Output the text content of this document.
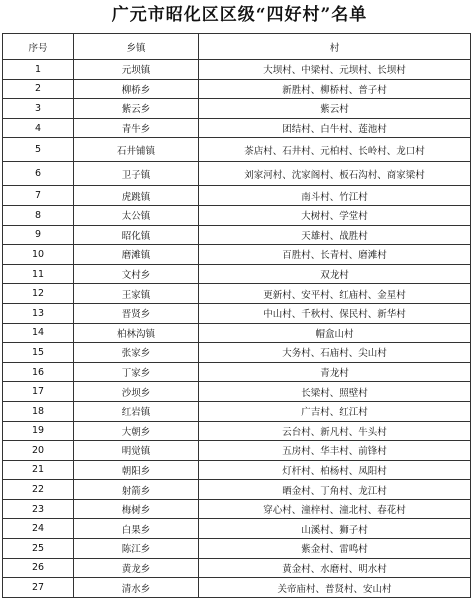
广元市昭化区区级“四好村”名单
序号	乡镇	村
1	元坝镇	大坝村、中梁村、元坝村、长坝村
2	柳桥乡	新胜村、柳桥村、普子村
3	紫云乡	紫云村
4	青牛乡	团结村、白牛村、莲池村
5	石井铺镇	茶店村、石井村、元柏村、长岭村、龙口村
6	卫子镇	刘家河村、沈家阁村、板石沟村、商家梁村
7	虎跳镇	南斗村、竹江村
8	太公镇	大树村、学堂村
9	昭化镇	天雄村、战胜村
10	磨滩镇	百胜村、长青村、磨滩村
11	文村乡	双龙村
12	王家镇	更新村、安平村、红庙村、金星村
13	晋贤乡	中山村、千秋村、保民村、新华村
14	柏林沟镇	帽盒山村
15	张家乡	大务村、石庙村、尖山村
16	丁家乡	青龙村
17	沙坝乡	长梁村、照壁村
18	红岩镇	广吉村、红江村
19	大朝乡	云台村、新凡村、牛头村
20	明觉镇	五房村、华丰村、前锋村
21	朝阳乡	灯杆村、柏杨村、凤阳村
22	射箭乡	晒金村、丁角村、龙江村
23	梅树乡	穿心村、潼梓村、潼北村、春花村
24	白果乡	山溪村、狮子村
25	陈江乡	紫金村、雷鸣村
26	黄龙乡	黄金村、水磨村、明水村
27	清水乡	关帝庙村、普贤村、安山村
